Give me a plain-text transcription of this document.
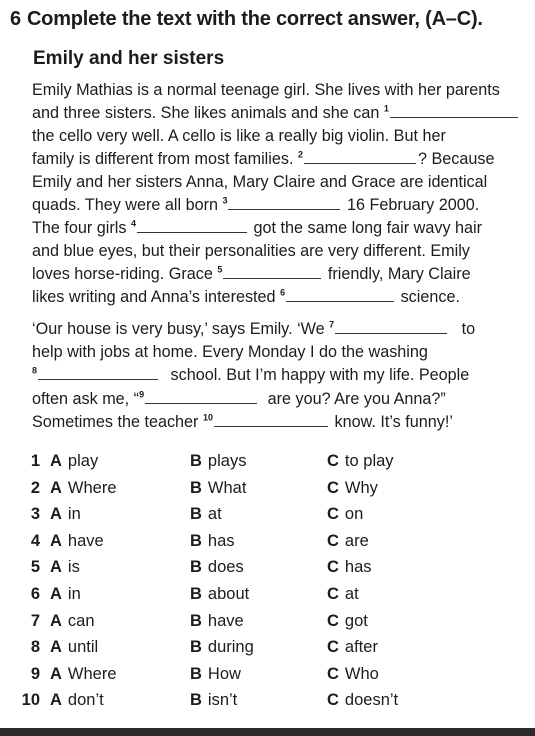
6 Complete the text with the correct answer, (A–C).
Emily and her sisters
Emily Mathias is a normal teenage girl. She lives with her parents
and three sisters. She likes animals and she can $^1$
the cello very well. A cello is like a really big violin. But her
family is different from most families. $^2$	? Because
Emily and her sisters Anna, Mary Claire and Grace are identical
quads. They were all born $^3$	16 February 2000.
The four girls $^4$	got the same long fair wavy hair
and blue eyes, but their personalities are very different. Emily
loves horse-riding. Grace $^5$	friendly, Mary Claire
likes writing and Anna’s interested $^6$	science.
‘Our house is very busy,’ says Emily. ‘We $^7$	to
help with jobs at home. Every Monday I do the washing
$^8$	school. But I’m happy with my life. People
often ask me, “$^9$	are you? Are you Anna?”
Sometimes the teacher $^{10}$	know. It’s funny!’
1 A play	B plays	C to play
2 A Where	B What	C Why
3 A in	B at	C on
4 A have	B has	C are
5 A is	B does	C has
6 A in	B about	C at
7 A can	B have	C got
8 A until	B during	C after
9 A Where	B How	C Who
10 A don’t	B isn’t	C doesn’t
